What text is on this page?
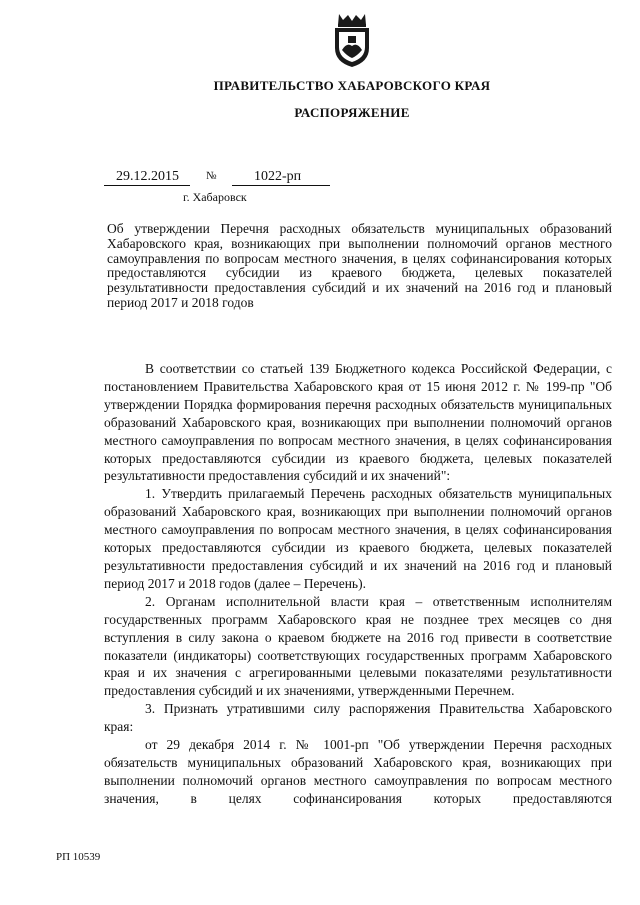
ПРАВИТЕЛЬСТВО ХАБАРОВСКОГО КРАЯ
РАСПОРЯЖЕНИЕ
29.12.2015	№	1022-рп
г. Хабаровск
Об утверждении Перечня расходных обязательств муниципальных образований Хабаровского края, возникающих при выполнении полномочий органов местного самоуправления по вопросам местного значения, в целях софинансирования которых предоставляются субсидии из краевого бюджета, целевых показателей результативности предоставления субсидий и их значений на 2016 год и плановый период 2017 и 2018 годов

В соответствии со статьей 139 Бюджетного кодекса Российской Федерации, с постановлением Правительства Хабаровского края от 15 июня 2012 г. № 199-пр "Об утверждении Порядка формирования перечня расходных обязательств муниципальных образований Хабаровского края, возникающих при выполнении полномочий органов местного самоуправления по вопросам местного значения, в целях софинансирования которых предоставляются субсидии из краевого бюджета, целевых показателей результативности предоставления субсидий и их значений":

1. Утвердить прилагаемый Перечень расходных обязательств муниципальных образований Хабаровского края, возникающих при выполнении полномочий органов местного самоуправления по вопросам местного значения, в целях софинансирования которых предоставляются субсидии из краевого бюджета, целевых показателей результативности предоставления субсидий и их значений на 2016 год и плановый период 2017 и 2018 годов (далее – Перечень).

2. Органам исполнительной власти края – ответственным исполнителям государственных программ Хабаровского края не позднее трех месяцев со дня вступления в силу закона о краевом бюджете на 2016 год привести в соответствие показатели (индикаторы) соответствующих государственных программ Хабаровского края и их значения с агрегированными целевыми показателями результативности предоставления субсидий и их значениями, утвержденными Перечнем.

3. Признать утратившими силу распоряжения Правительства Хабаровского края:

от 29 декабря 2014 г. № 1001-рп "Об утверждении Перечня расходных обязательств муниципальных образований Хабаровского края, возникающих при выполнении полномочий органов местного самоуправления по вопросам местного значения, в целях софинансирования которых предоставляются

РП 10539
